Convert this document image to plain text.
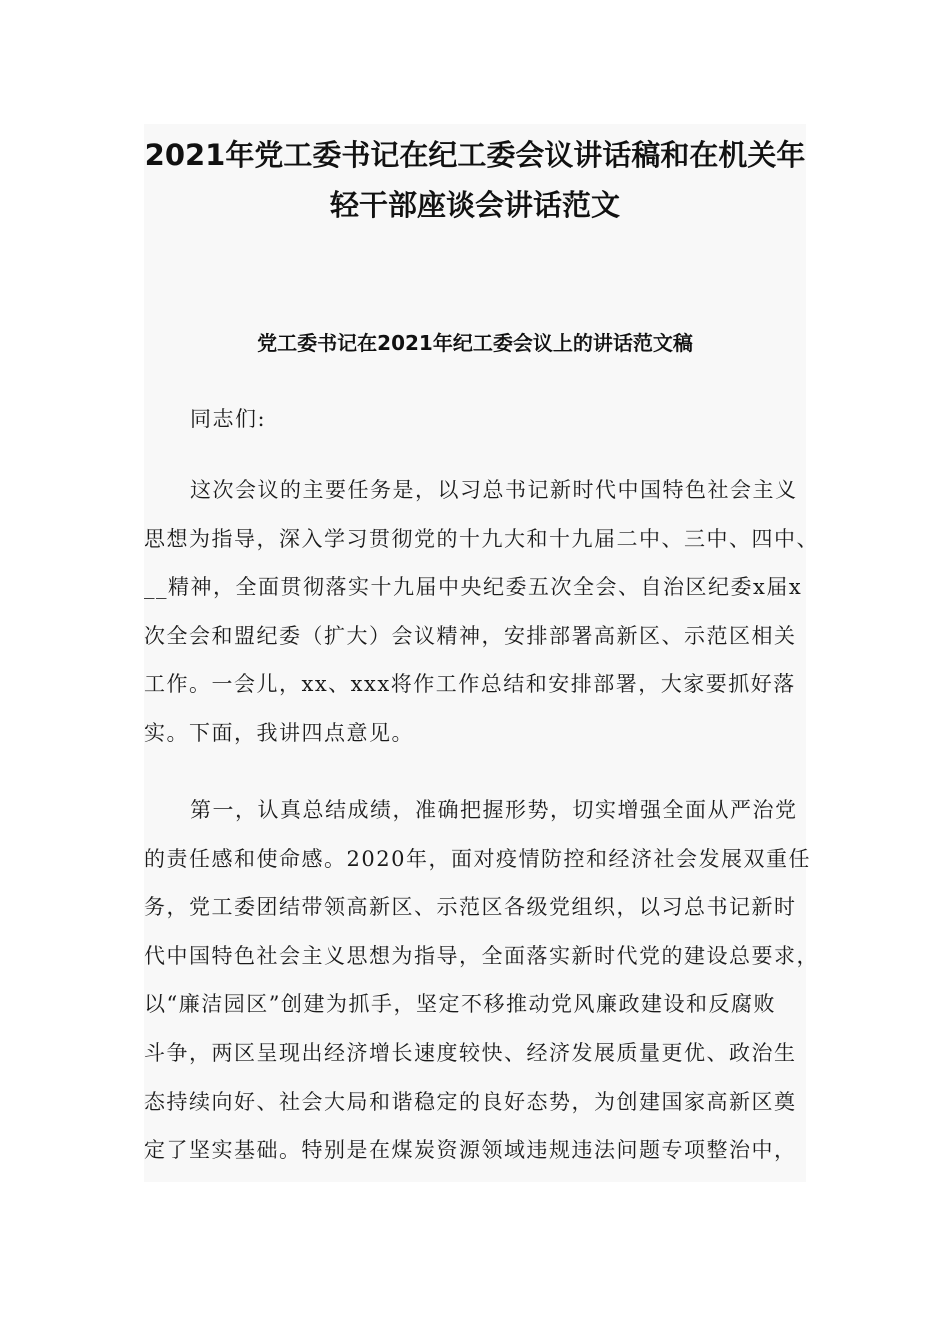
2021年党工委书记在纪工委会议讲话稿和在机关年
轻干部座谈会讲话范文
党工委书记在2021年纪工委会议上的讲话范文稿

同志们:

这次会议的主要任务是，以习总书记新时代中国特色社会主义
思想为指导，深入学习贯彻党的十九大和十九届二中、三中、四中、
__精神，全面贯彻落实十九届中央纪委五次全会、自治区纪委x届x
次全会和盟纪委（扩大）会议精神，安排部署高新区、示范区相关
工作。一会儿，xx、xxx将作工作总结和安排部署，大家要抓好落
实。下面，我讲四点意见。

第一，认真总结成绩，准确把握形势，切实增强全面从严治党
的责任感和使命感。2020年，面对疫情防控和经济社会发展双重任
务，党工委团结带领高新区、示范区各级党组织，以习总书记新时
代中国特色社会主义思想为指导，全面落实新时代党的建设总要求，
以“廉洁园区”创建为抓手，坚定不移推动党风廉政建设和反腐败
斗争，两区呈现出经济增长速度较快、经济发展质量更优、政治生
态持续向好、社会大局和谐稳定的良好态势，为创建国家高新区奠
定了坚实基础。特别是在煤炭资源领域违规违法问题专项整治中，
